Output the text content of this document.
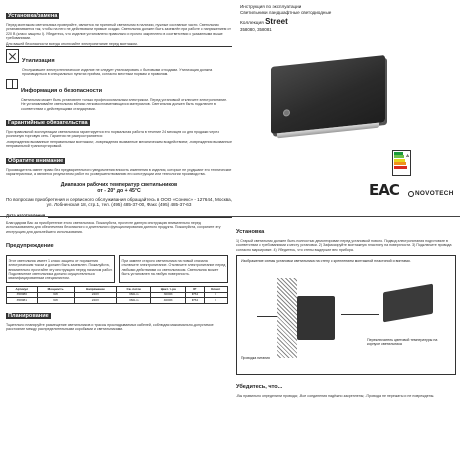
Установка/замена
Перед монтажом светильника проверяйте, является ли принятый светильник в наличии, нужные составные части. Светильник устанавливается так, чтобы на него не действовали прямые осадки. Светильник должен быть заземлён при работе с напряжением от 220 В (класс защиты I). Убедитесь, что изделие установлено правильно и прочно закреплено в соответствии с указанными выше требованиями.
Для вашей безопасности всегда отключайте электропитание перед монтажом.
Утилизация
Отслужившее электротехническое изделие не следует утилизировать с бытовыми отходами. Утилизация должна производиться в специальных пунктах приёма, согласно местным нормам и правилам.
Информация о безопасности
Светильник может быть установлен только профессиональным электриком. Перед установкой отключите электропитание. Не устанавливайте светильник вблизи легковоспламеняющихся материалов. Светильник должен быть подключен в соответствии с действующими стандартами.
Гарантийные обязательства
При правильной эксплуатации светильника гарантируется его нормальная работа в течение 24 месяцев со дня продажи через розничную торговую сеть. Гарантия не распространяется:
-повреждения вызванные неправильным монтажом; -повреждения вызванные механическим воздействием; -повреждения вызванные неправильной транспортировкой.
Обратите внимание
Производитель имеет право без предварительного уведомления вносить изменения в изделия, которые не ухудшают его технические характеристики, а является результатом работ по усовершенствованию его конструкции или технологии производства.
Диапазон рабочих температур светильников
от - 20° до + 45°С
По вопросам приобретения и сервисного обслуживания обращайтесь в ООО «Сонекс» - 127644, Москва, ул. Лобненская 18, стр.1, тел. (495) 485-37-00, Факс (495) 485-37-63
Инструкция по эксплуатации
Светильники ландшафтные светодиодные
Коллекция Street
358080, 358081
A
ЕАС	NOVOTECH
Благодарим Вас за приобретение этого светильника. Пожалуйста, прочтите данную инструкцию внимательно перед использованием для обеспечения безопасного и длительного функционирования данного продукта. Пожалуйста, сохраните эту инструкцию для дальнейшего использования.
Предупреждение
Этот светильник имеет 1 класс защиты от поражения электрическим током и должен быть заземлен. Пожалуйста, внимательно прочтайте эту инструкцию перед началом работ. Подключение светильника должно осуществляться квалифицированным специалистом.
При замене старого светильника на новый сначала отключите электропитание. Отключите электропитание перед любыми действиями со светильником. Светильник может быть установлен на любую поверхность.
Артикул	Мощность	Напряжение	Св. поток	Цвет. т-ра	IP	Класс
358080	6W	220V	360Lm	3000K	IP54	I
358081	6W	220V	360Lm	4000K	IP54	I
Планирование
Тщательно планируйте размещение светильников и трассы прокладываемых кабелей, соблюдая максимально-допустимое расстояние между распределительными коробками и светильниками.
Установка
1) Старый светильник должен быть полностью демонтирован перед установкой нового. Подвод электропитания подготовьте в соответствии с требованиями к месту установки. 2) Зафиксируйте монтажную пластину на поверхности. 3) Подключите провода согласно маркировке. 4) Убедитесь, что стены выдержат вес прибора.
Изображение схемы установки светильника на стену с креплением монтажной пластиной и винтами.
Переключатель цветовой температуры на корпусе светильника
Проводка питания
Убедитесь, что...
-Вы правильно определили провода; -Все соединения надёжно закреплены; -Провода не пережаты и не повреждены.
